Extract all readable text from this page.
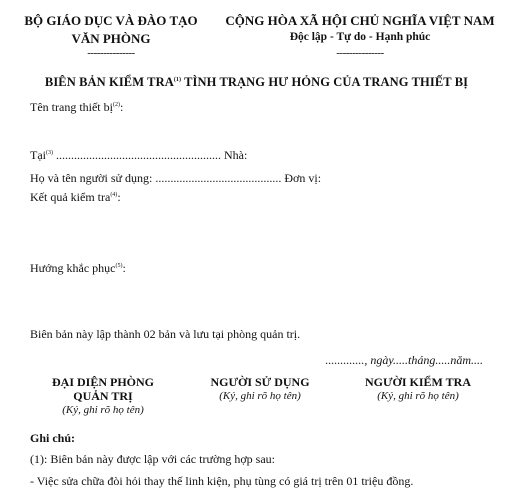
BỘ GIÁO DỤC VÀ ĐÀO TẠO
VĂN PHÒNG
---------------
CỘNG HÒA XÃ HỘI CHỦ NGHĨA VIỆT NAM
Độc lập - Tự do - Hạnh phúc
---------------
BIÊN BẢN KIỂM TRA$^{(1)}$ TÌNH TRẠNG HƯ HỎNG CỦA TRANG THIẾT BỊ
Tên trang thiết bị$^{(2)}$:
Tại$^{(3)}$ ....................................................... Nhà:
Họ và tên người sử dụng: .......................................... Đơn vị:
Kết quả kiểm tra$^{(4)}$:
Hướng khắc phục$^{(5)}$:
Biên bản này lập thành 02 bản và lưu tại phòng quản trị.
............., ngày.....tháng.....năm....
ĐẠI DIỆN PHÒNG
QUẢN TRỊ
(Ký, ghi rõ họ tên)
NGƯỜI SỬ DỤNG
(Ký, ghi rõ họ tên)
NGƯỜI KIỂM TRA
(Ký, ghi rõ họ tên)
Ghi chú:
(1): Biên bản này được lập với các trường hợp sau:
- Việc sửa chữa đòi hỏi thay thế linh kiện, phụ tùng có giá trị trên 01 triệu đồng.
